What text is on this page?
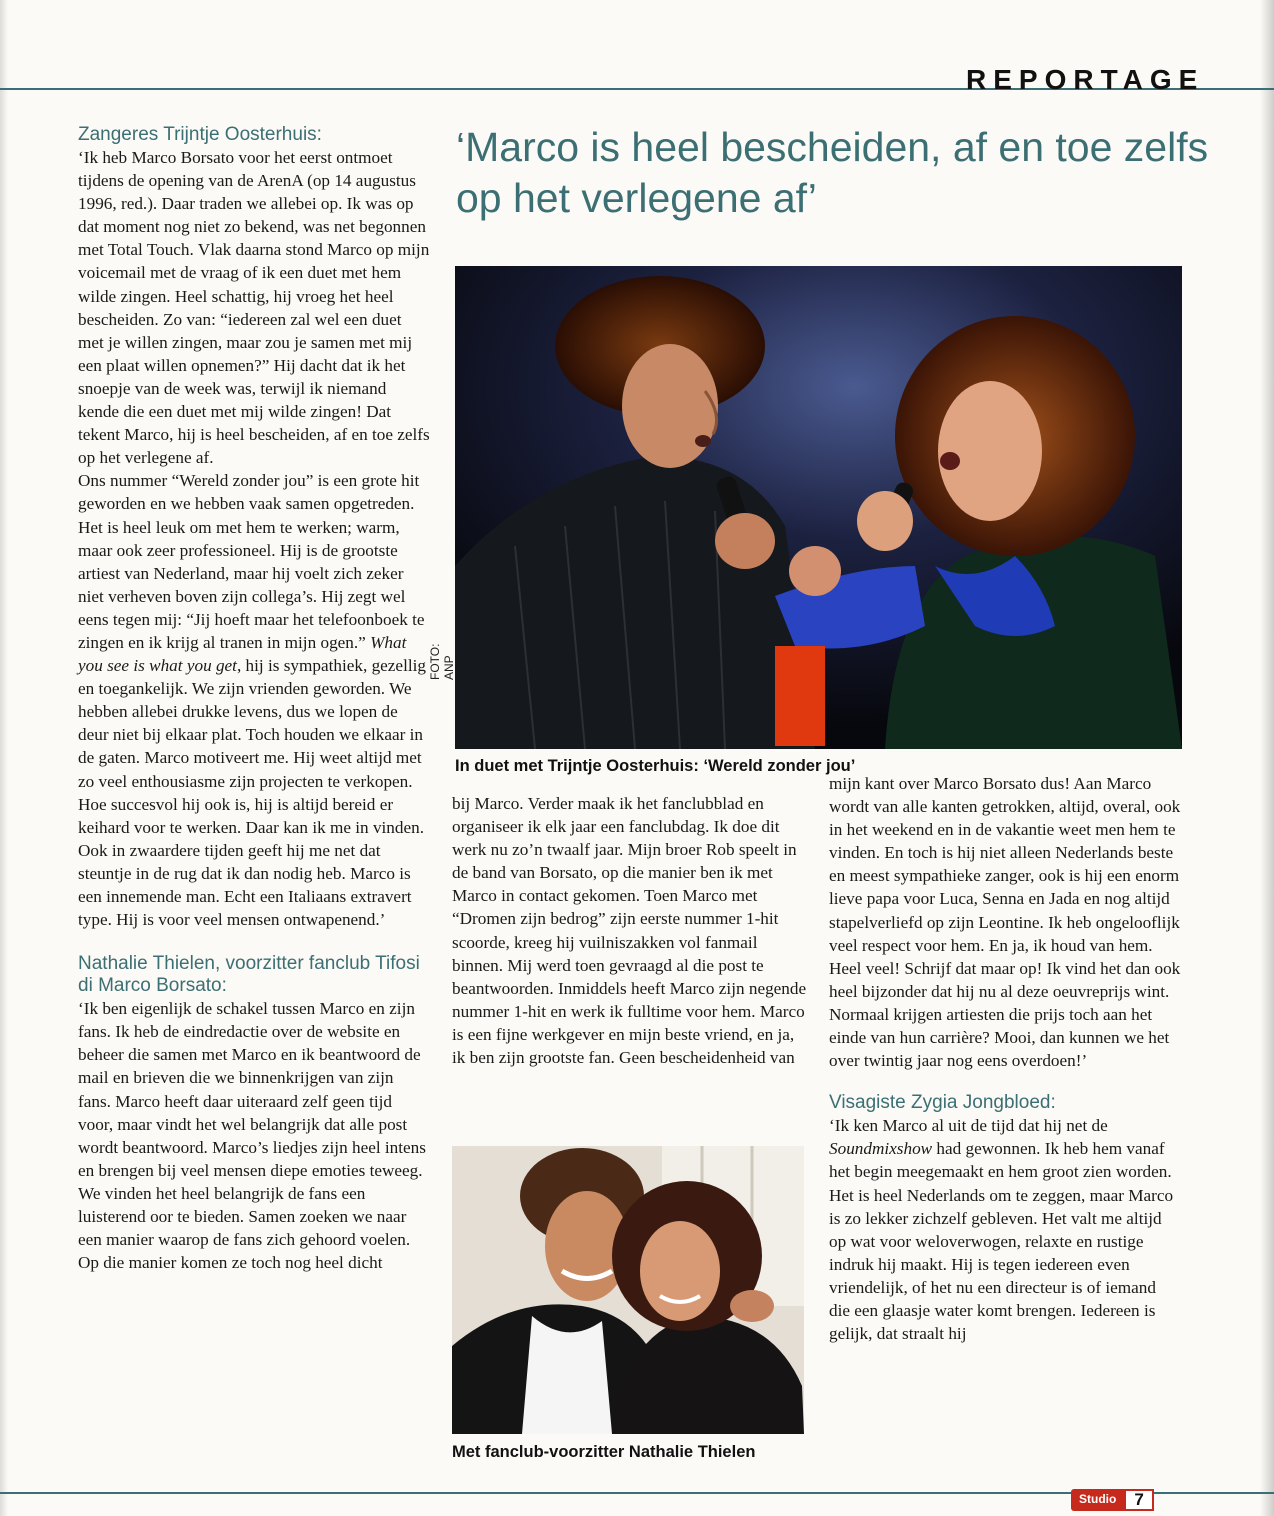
REPORTAGE
‘Marco is heel bescheiden, af en toe zelfs op het verlegene af’

Zangeres Trijntje Oosterhuis:

‘Ik heb Marco Borsato voor het eerst ontmoet tijdens de opening van de ArenA (op 14 augustus 1996, red.). Daar traden we allebei op. Ik was op dat moment nog niet zo bekend, was net begonnen met Total Touch. Vlak daarna stond Marco op mijn voicemail met de vraag of ik een duet met hem wilde zingen. Heel schattig, hij vroeg het heel bescheiden. Zo van: “iedereen zal wel een duet met je willen zingen, maar zou je samen met mij een plaat willen opnemen?” Hij dacht dat ik het snoepje van de week was, terwijl ik niemand kende die een duet met mij wilde zingen! Dat tekent Marco, hij is heel bescheiden, af en toe zelfs op het verlegene af.

Ons nummer “Wereld zonder jou” is een grote hit geworden en we hebben vaak samen opgetreden. Het is heel leuk om met hem te werken; warm, maar ook zeer professioneel. Hij is de grootste artiest van Nederland, maar hij voelt zich zeker niet verheven boven zijn collega’s. Hij zegt wel eens tegen mij: “Jij hoeft maar het telefoonboek te zingen en ik krijg al tranen in mijn ogen.” What you see is what you get, hij is sympathiek, gezellig en toegankelijk. We zijn vrienden geworden. We hebben allebei drukke levens, dus we lopen de deur niet bij elkaar plat. Toch houden we elkaar in de gaten. Marco motiveert me. Hij weet altijd met zo veel enthousiasme zijn projecten te verkopen. Hoe succesvol hij ook is, hij is altijd bereid er keihard voor te werken. Daar kan ik me in vinden. Ook in zwaardere tijden geeft hij me net dat steuntje in de rug dat ik dan nodig heb. Marco is een innemende man. Echt een Italiaans extravert type. Hij is voor veel mensen ontwapenend.’

Nathalie Thielen, voorzitter fanclub Tifosi di Marco Borsato:

‘Ik ben eigenlijk de schakel tussen Marco en zijn fans. Ik heb de eindredactie over de website en beheer die samen met Marco en ik beantwoord de mail en brieven die we binnenkrijgen van zijn fans. Marco heeft daar uiteraard zelf geen tijd voor, maar vindt het wel belangrijk dat alle post wordt beantwoord. Marco’s liedjes zijn heel intens en brengen bij veel mensen diepe emoties teweeg. We vinden het heel belangrijk de fans een luisterend oor te bieden. Samen zoeken we naar een manier waarop de fans zich gehoord voelen. Op die manier komen ze toch nog heel dicht

FOTO: ANP
In duet met Trijntje Oosterhuis: ‘Wereld zonder jou’

bij Marco. Verder maak ik het fanclubblad en organiseer ik elk jaar een fanclubdag. Ik doe dit werk nu zo’n twaalf jaar. Mijn broer Rob speelt in de band van Borsato, op die manier ben ik met Marco in contact gekomen. Toen Marco met “Dromen zijn bedrog” zijn eerste nummer 1-hit scoorde, kreeg hij vuilniszakken vol fanmail binnen. Mij werd toen gevraagd al die post te beantwoorden. Inmiddels heeft Marco zijn negende nummer 1-hit en werk ik fulltime voor hem. Marco is een fijne werkgever en mijn beste vriend, en ja, ik ben zijn grootste fan. Geen bescheidenheid van

Met fanclub-voorzitter Nathalie Thielen

mijn kant over Marco Borsato dus! Aan Marco wordt van alle kanten getrokken, altijd, overal, ook in het weekend en in de vakantie weet men hem te vinden. En toch is hij niet alleen Nederlands beste en meest sympathieke zanger, ook is hij een enorm lieve papa voor Luca, Senna en Jada en nog altijd stapelverliefd op zijn Leontine. Ik heb ongelooflijk veel respect voor hem. En ja, ik houd van hem. Heel veel! Schrijf dat maar op! Ik vind het dan ook heel bijzonder dat hij nu al deze oeuvreprijs wint. Normaal krijgen artiesten die prijs toch aan het einde van hun carrière? Mooi, dan kunnen we het over twintig jaar nog eens overdoen!’

Visagiste Zygia Jongbloed:

‘Ik ken Marco al uit de tijd dat hij net de Soundmixshow had gewonnen. Ik heb hem vanaf het begin meegemaakt en hem groot zien worden. Het is heel Nederlands om te zeggen, maar Marco is zo lekker zichzelf gebleven. Het valt me altijd op wat voor weloverwogen, relaxte en rustige indruk hij maakt. Hij is tegen iedereen even vriendelijk, of het nu een directeur is of iemand die een glaasje water komt brengen. Iedereen is gelijk, dat straalt hij

Studio	7
